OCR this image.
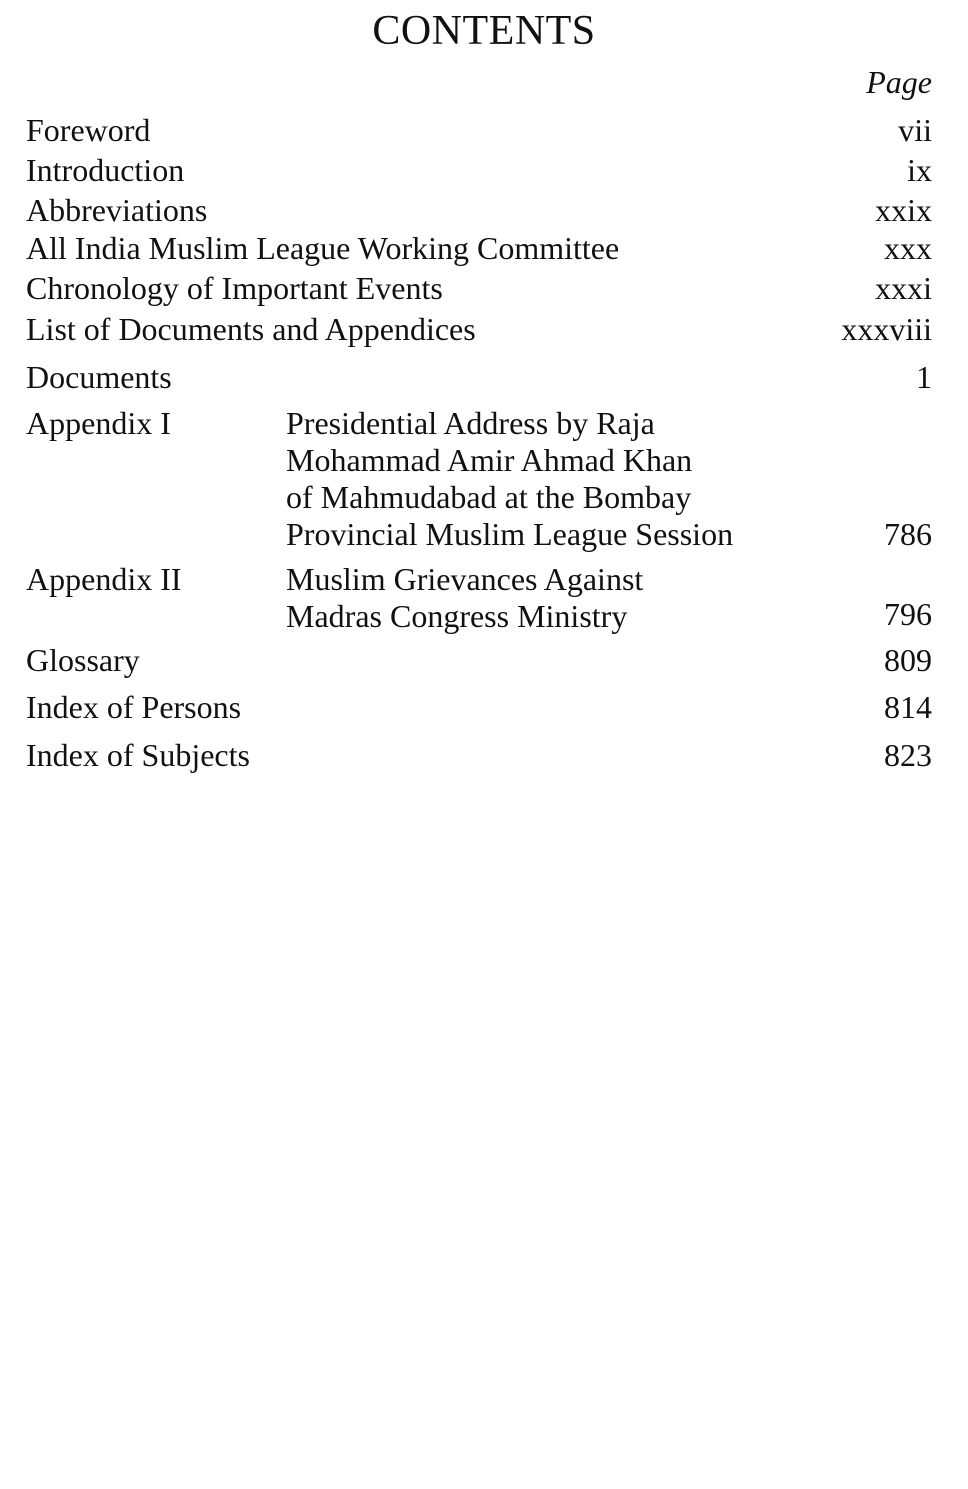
CONTENTS
Page
Foreword	vii
Introduction	ix
Abbreviations	xxix
All India Muslim League Working Committee	xxx
Chronology of Important Events	xxxi
List of Documents and Appendices	xxxviii
Documents	1
Appendix I	Presidential Address by Raja
Mohammad Amir Ahmad Khan
of Mahmudabad at the Bombay
Provincial Muslim League Session	786
Appendix II	Muslim Grievances Against
Madras Congress Ministry	796
Glossary	809
Index of Persons	814
Index of Subjects	823
